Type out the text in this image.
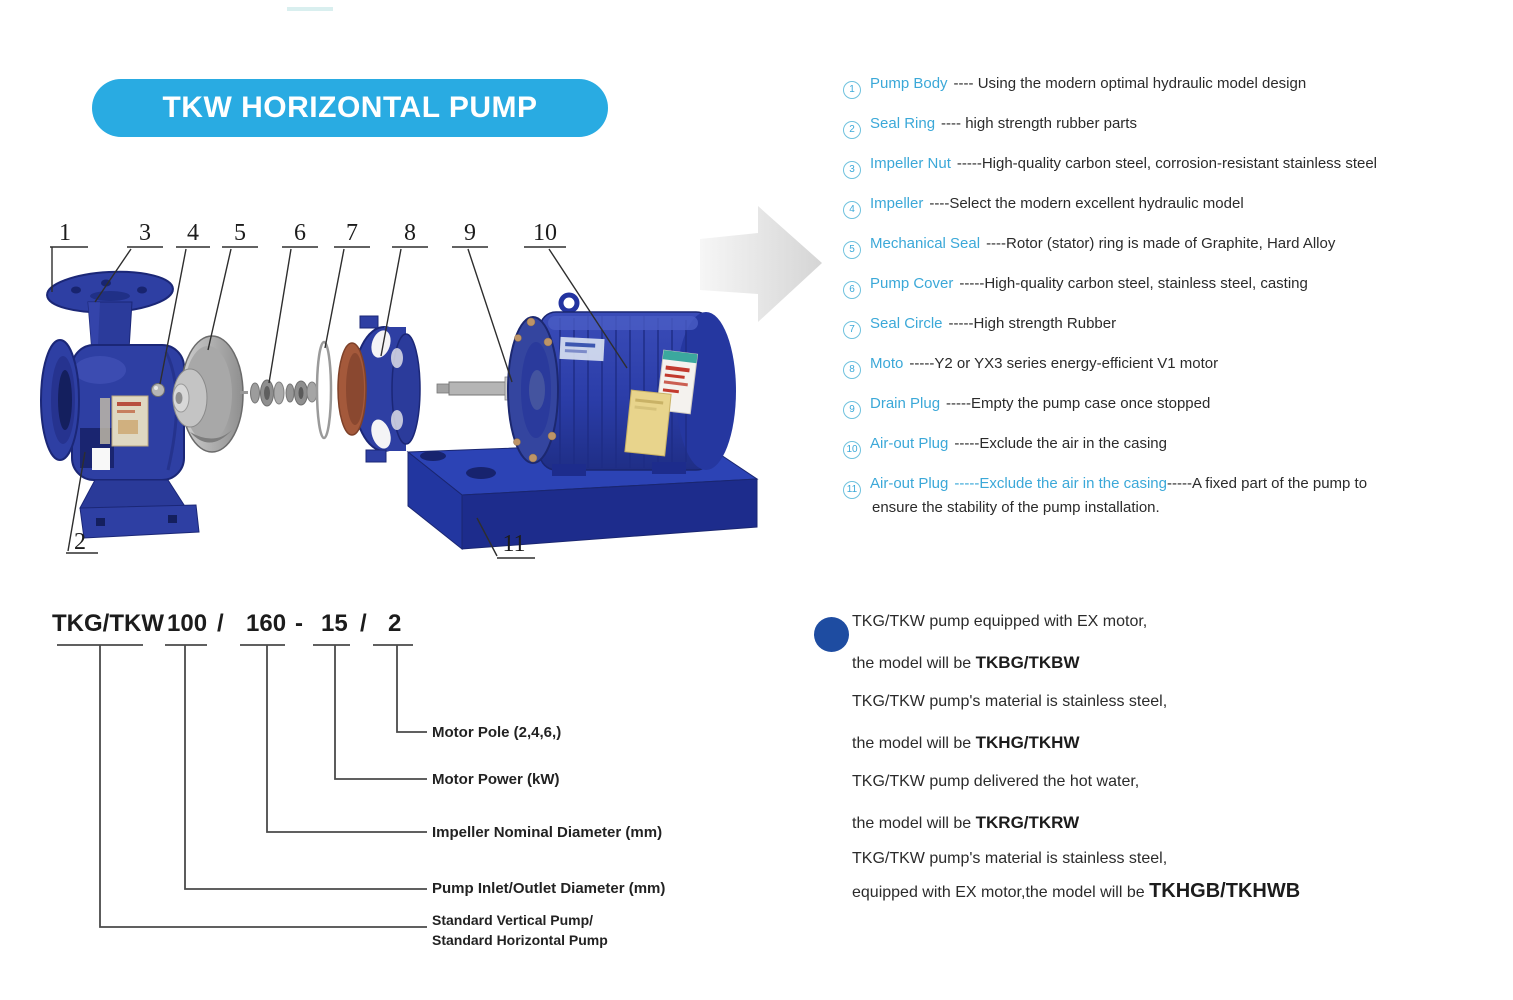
TKW HORIZONTAL PUMP
1
2
3 4 5 6 7 8 9 10
11
TKG/TKW 100 / 160 - 15 / 2
Motor Pole (2,4,6,)
Motor Power (kW)
Impeller Nominal Diameter (mm)
Pump Inlet/Outlet Diameter (mm)
Standard Vertical Pump/
Standard Horizontal Pump
1 Pump Body ---- Using the modern optimal hydraulic model design
2 Seal Ring ---- high strength rubber parts
3 Impeller Nut -----High-quality carbon steel, corrosion-resistant stainless steel
4 Impeller ----Select the modern excellent hydraulic model
5 Mechanical Seal ----Rotor (stator) ring is made of Graphite, Hard Alloy
6 Pump Cover -----High-quality carbon steel, stainless steel, casting
7 Seal Circle -----High strength Rubber
8 Moto -----Y2 or YX3 series energy-efficient V1 motor
9 Drain Plug -----Empty the pump case once stopped
10 Air-out Plug -----Exclude the air in the casing
11 Air-out Plug -----Exclude the air in the casing-----A fixed part of the pump to
ensure the stability of the pump installation.
TKG/TKW pump equipped with EX motor,
the model will be TKBG/TKBW
TKG/TKW pump's material is stainless steel,
the model will be TKHG/TKHW
TKG/TKW pump delivered the hot water,
the model will be TKRG/TKRW
TKG/TKW pump's material is stainless steel,
equipped with EX motor,the model will be TKHGB/TKHWB
